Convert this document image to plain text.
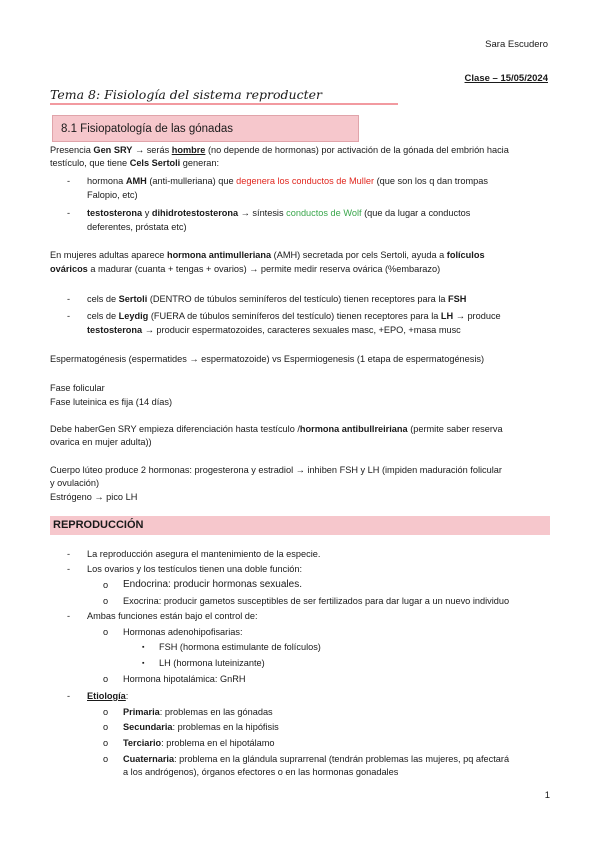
Sara Escudero
Clase – 15/05/2024
Tema 8: Fisiología del sistema reproducter
8.1 Fisiopatología de las gónadas
Presencia Gen SRY → serás hombre (no depende de hormonas) por activación de la gónada del embrión hacia
testículo, que tiene Cels Sertoli generan:
- hormona AMH (anti-mulleriana) que degenera los conductos de Muller (que son los q dan trompas
Falopio, etc)
- testosterona y dihidrotestosterona → síntesis conductos de Wolf (que da lugar a conductos
deferentes, próstata etc)
En mujeres adultas aparece hormona antimulleriana (AMH) secretada por cels Sertoli, ayuda a folículos
ováricos a madurar (cuanta + tengas + ovarios) → permite medir reserva ovárica (%embarazo)
- cels de Sertoli (DENTRO de túbulos seminíferos del testículo) tienen receptores para la FSH
- cels de Leydig (FUERA de túbulos seminíferos del testículo) tienen receptores para la LH → produce
testosterona → producir espermatozoides, caracteres sexuales masc, +EPO, +masa musc
Espermatogénesis (espermatides → espermatozoide) vs Espermiogenesis (1 etapa de espermatogénesis)
Fase folicular
Fase luteinica es fija (14 días)
Debe haberGen SRY empieza diferenciación hasta testículo /hormona antibullreiriana (permite saber reserva
ovarica en mujer adulta))
Cuerpo lúteo produce 2 hormonas: progesterona y estradiol → inhiben FSH y LH (impiden maduración folicular
y ovulación)
Estrógeno → pico LH
REPRODUCCIÓN
- La reproducción asegura el mantenimiento de la especie.
- Los ovarios y los testículos tienen una doble función:
o Endocrina: producir hormonas sexuales.
o Exocrina: producir gametos susceptibles de ser fertilizados para dar lugar a un nuevo individuo
- Ambas funciones están bajo el control de:
o Hormonas adenohipofisarias:
▪ FSH (hormona estimulante de folículos)
▪ LH (hormona luteinizante)
o Hormona hipotalámica: GnRH
- Etiología:
o Primaria: problemas en las gónadas
o Secundaria: problemas en la hipófisis
o Terciario: problema en el hipotálamo
o Cuaternaria: problema en la glándula suprarrenal (tendrán problemas las mujeres, pq afectará
a los andrógenos), órganos efectores o en las hormonas gonadales
1
